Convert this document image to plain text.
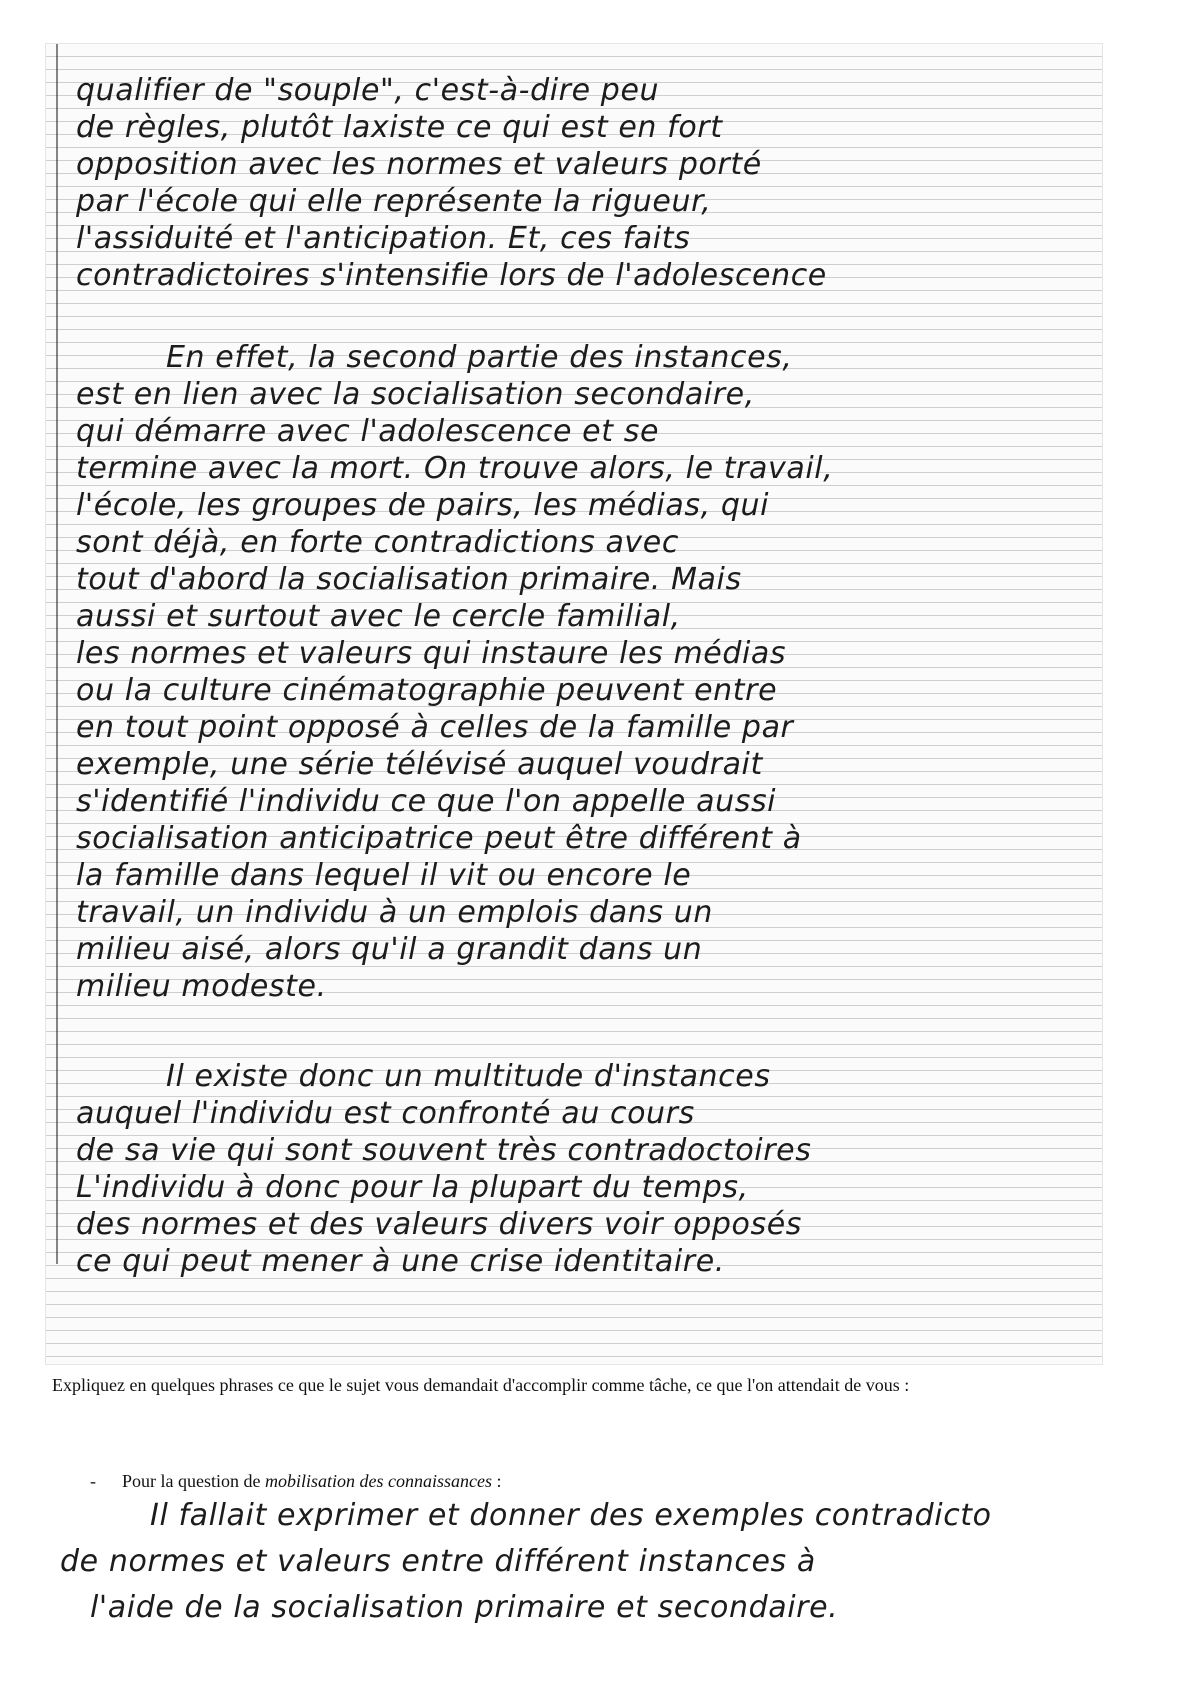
qualifier de "souple", c'est-à-dire peu
de règles, plutôt laxiste ce qui est en fort
opposition avec les normes et valeurs porté
par l'école qui elle représente la rigueur,
l'assiduité et l'anticipation. Et, ces faits
contradictoires s'intensifie lors de l'adolescence
En effet, la second partie des instances,
est en lien avec la socialisation secondaire,
qui démarre avec l'adolescence et se
termine avec la mort. On trouve alors, le travail,
l'école, les groupes de pairs, les médias, qui
sont déjà, en forte contradictions avec
tout d'abord la socialisation primaire. Mais
aussi et surtout avec le cercle familial,
les normes et valeurs qui instaure les médias
ou la culture cinématographie peuvent entre
en tout point opposé à celles de la famille par
exemple, une série télévisé auquel voudrait
s'identifié l'individu ce que l'on appelle aussi
socialisation anticipatrice peut être différent à
la famille dans lequel il vit ou encore le
travail, un individu à un emplois dans un
milieu aisé, alors qu'il a grandit dans un
milieu modeste.
Il existe donc un multitude d'instances
auquel l'individu est confronté au cours
de sa vie qui sont souvent très contradoctoires
L'individu à donc pour la plupart du temps,
des normes et des valeurs divers voir opposés
ce qui peut mener à une crise identitaire.
Expliquez en quelques phrases ce que le sujet vous demandait d'accomplir comme tâche, ce que l'on attendait de vous :
- Pour la question de mobilisation des connaissances :
Il fallait exprimer et donner des exemples contradicto
de normes et valeurs entre différent instances à
l'aide de la socialisation primaire et secondaire.
